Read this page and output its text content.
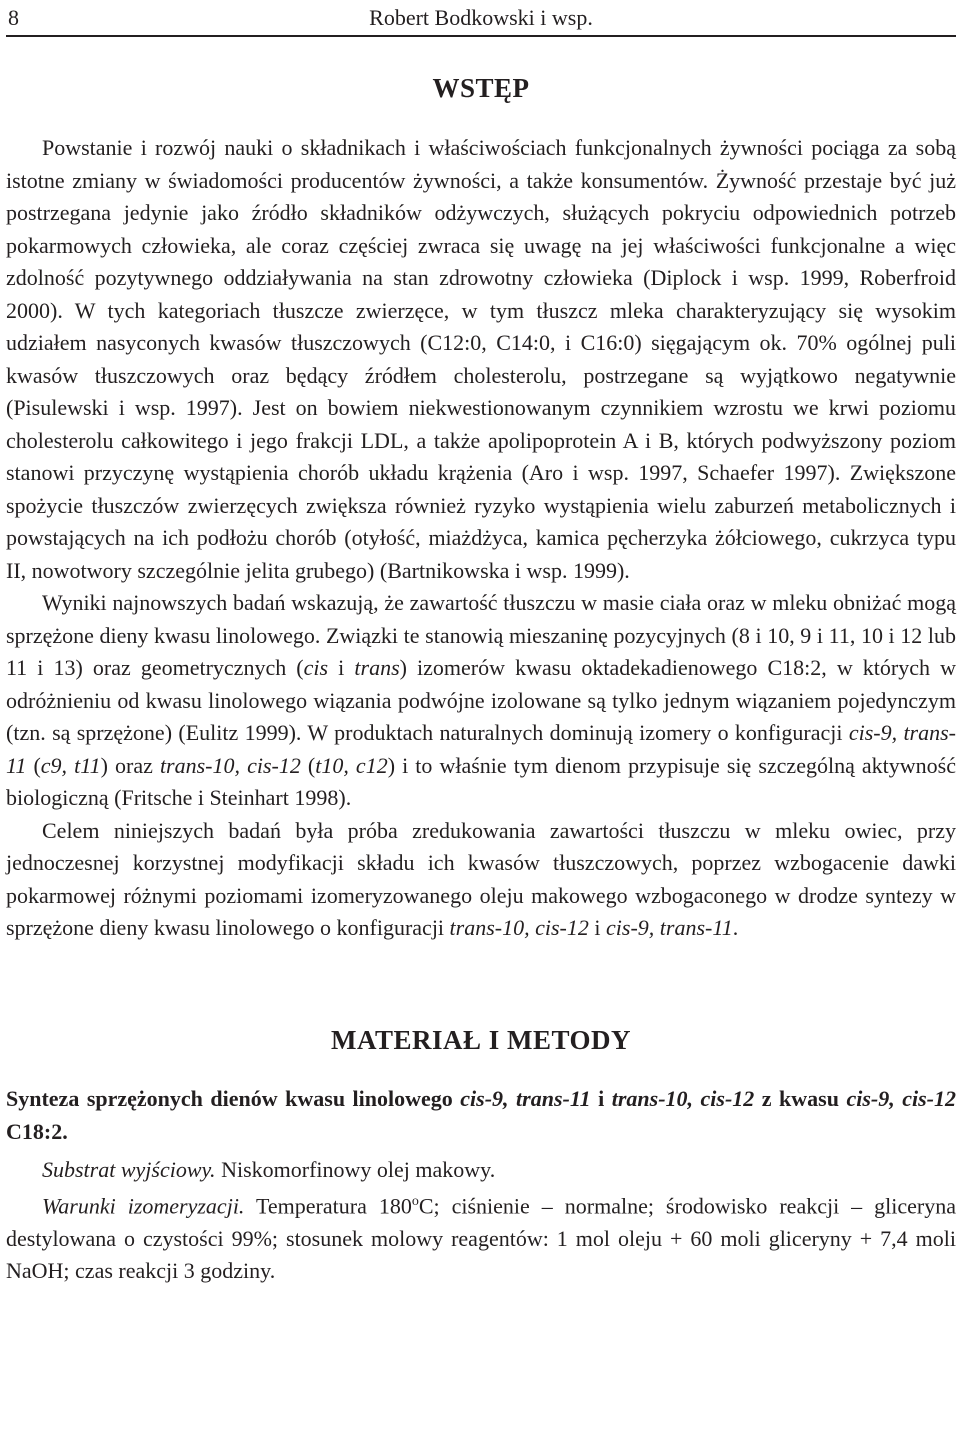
8	Robert Bodkowski i wsp.
WSTĘP

Powstanie i rozwój nauki o składnikach i właściwościach funkcjonalnych żywności pociąga za sobą istotne zmiany w świadomości producentów żywności, a także konsumentów. Żywność przestaje być już postrzegana jedynie jako źródło składników odżywczych, służących pokryciu odpowiednich potrzeb pokarmowych człowieka, ale coraz częściej zwraca się uwagę na jej właściwości funkcjonalne a więc zdolność pozytywnego oddziaływania na stan zdrowotny człowieka (Diplock i wsp. 1999, Roberfroid 2000). W tych kategoriach tłuszcze zwierzęce, w tym tłuszcz mleka charakteryzujący się wysokim udziałem nasyconych kwasów tłuszczowych (C12:0, C14:0, i C16:0) sięgającym ok. 70% ogólnej puli kwasów tłuszczowych oraz będący źródłem cholesterolu, postrzegane są wyjątkowo negatywnie (Pisulewski i wsp. 1997). Jest on bowiem niekwestionowanym czynnikiem wzrostu we krwi poziomu cholesterolu całkowitego i jego frakcji LDL, a także apolipoprotein A i B, których podwyższony poziom stanowi przyczynę wystąpienia chorób układu krążenia (Aro i wsp. 1997, Schaefer 1997). Zwiększone spożycie tłuszczów zwierzęcych zwiększa również ryzyko wystąpienia wielu zaburzeń metabolicznych i powstających na ich podłożu chorób (otyłość, miażdżyca, kamica pęcherzyka żółciowego, cukrzyca typu II, nowotwory szczególnie jelita grubego) (Bartnikowska i wsp. 1999).

Wyniki najnowszych badań wskazują, że zawartość tłuszczu w masie ciała oraz w mleku obniżać mogą sprzężone dieny kwasu linolowego. Związki te stanowią mieszaninę pozycyjnych (8 i 10, 9 i 11, 10 i 12 lub 11 i 13) oraz geometrycznych (cis i trans) izomerów kwasu oktadekadienowego C18:2, w których w odróżnieniu od kwasu linolowego wiązania podwójne izolowane są tylko jednym wiązaniem pojedynczym (tzn. są sprzężone) (Eulitz 1999). W produktach naturalnych dominują izomery o konfiguracji cis-9, trans-11 (c9, t11) oraz trans-10, cis-12 (t10, c12) i to właśnie tym dienom przypisuje się szczególną aktywność biologiczną (Fritsche i Steinhart 1998).

Celem niniejszych badań była próba zredukowania zawartości tłuszczu w mleku owiec, przy jednoczesnej korzystnej modyfikacji składu ich kwasów tłuszczowych, poprzez wzbogacenie dawki pokarmowej różnymi poziomami izomeryzowanego oleju makowego wzbogaconego w drodze syntezy w sprzężone dieny kwasu linolowego o konfiguracji trans-10, cis-12 i cis-9, trans-11.

MATERIAŁ I METODY
Synteza sprzężonych dienów kwasu linolowego cis-9, trans-11 i trans-10, cis-12 z kwasu cis-9, cis-12 C18:2.

Substrat wyjściowy. Niskomorfinowy olej makowy.

Warunki izomeryzacji. Temperatura 180$^o$C; ciśnienie – normalne; środowisko reakcji – gliceryna destylowana o czystości 99%; stosunek molowy reagentów: 1 mol oleju + 60 moli gliceryny + 7,4 moli NaOH; czas reakcji 3 godziny.
